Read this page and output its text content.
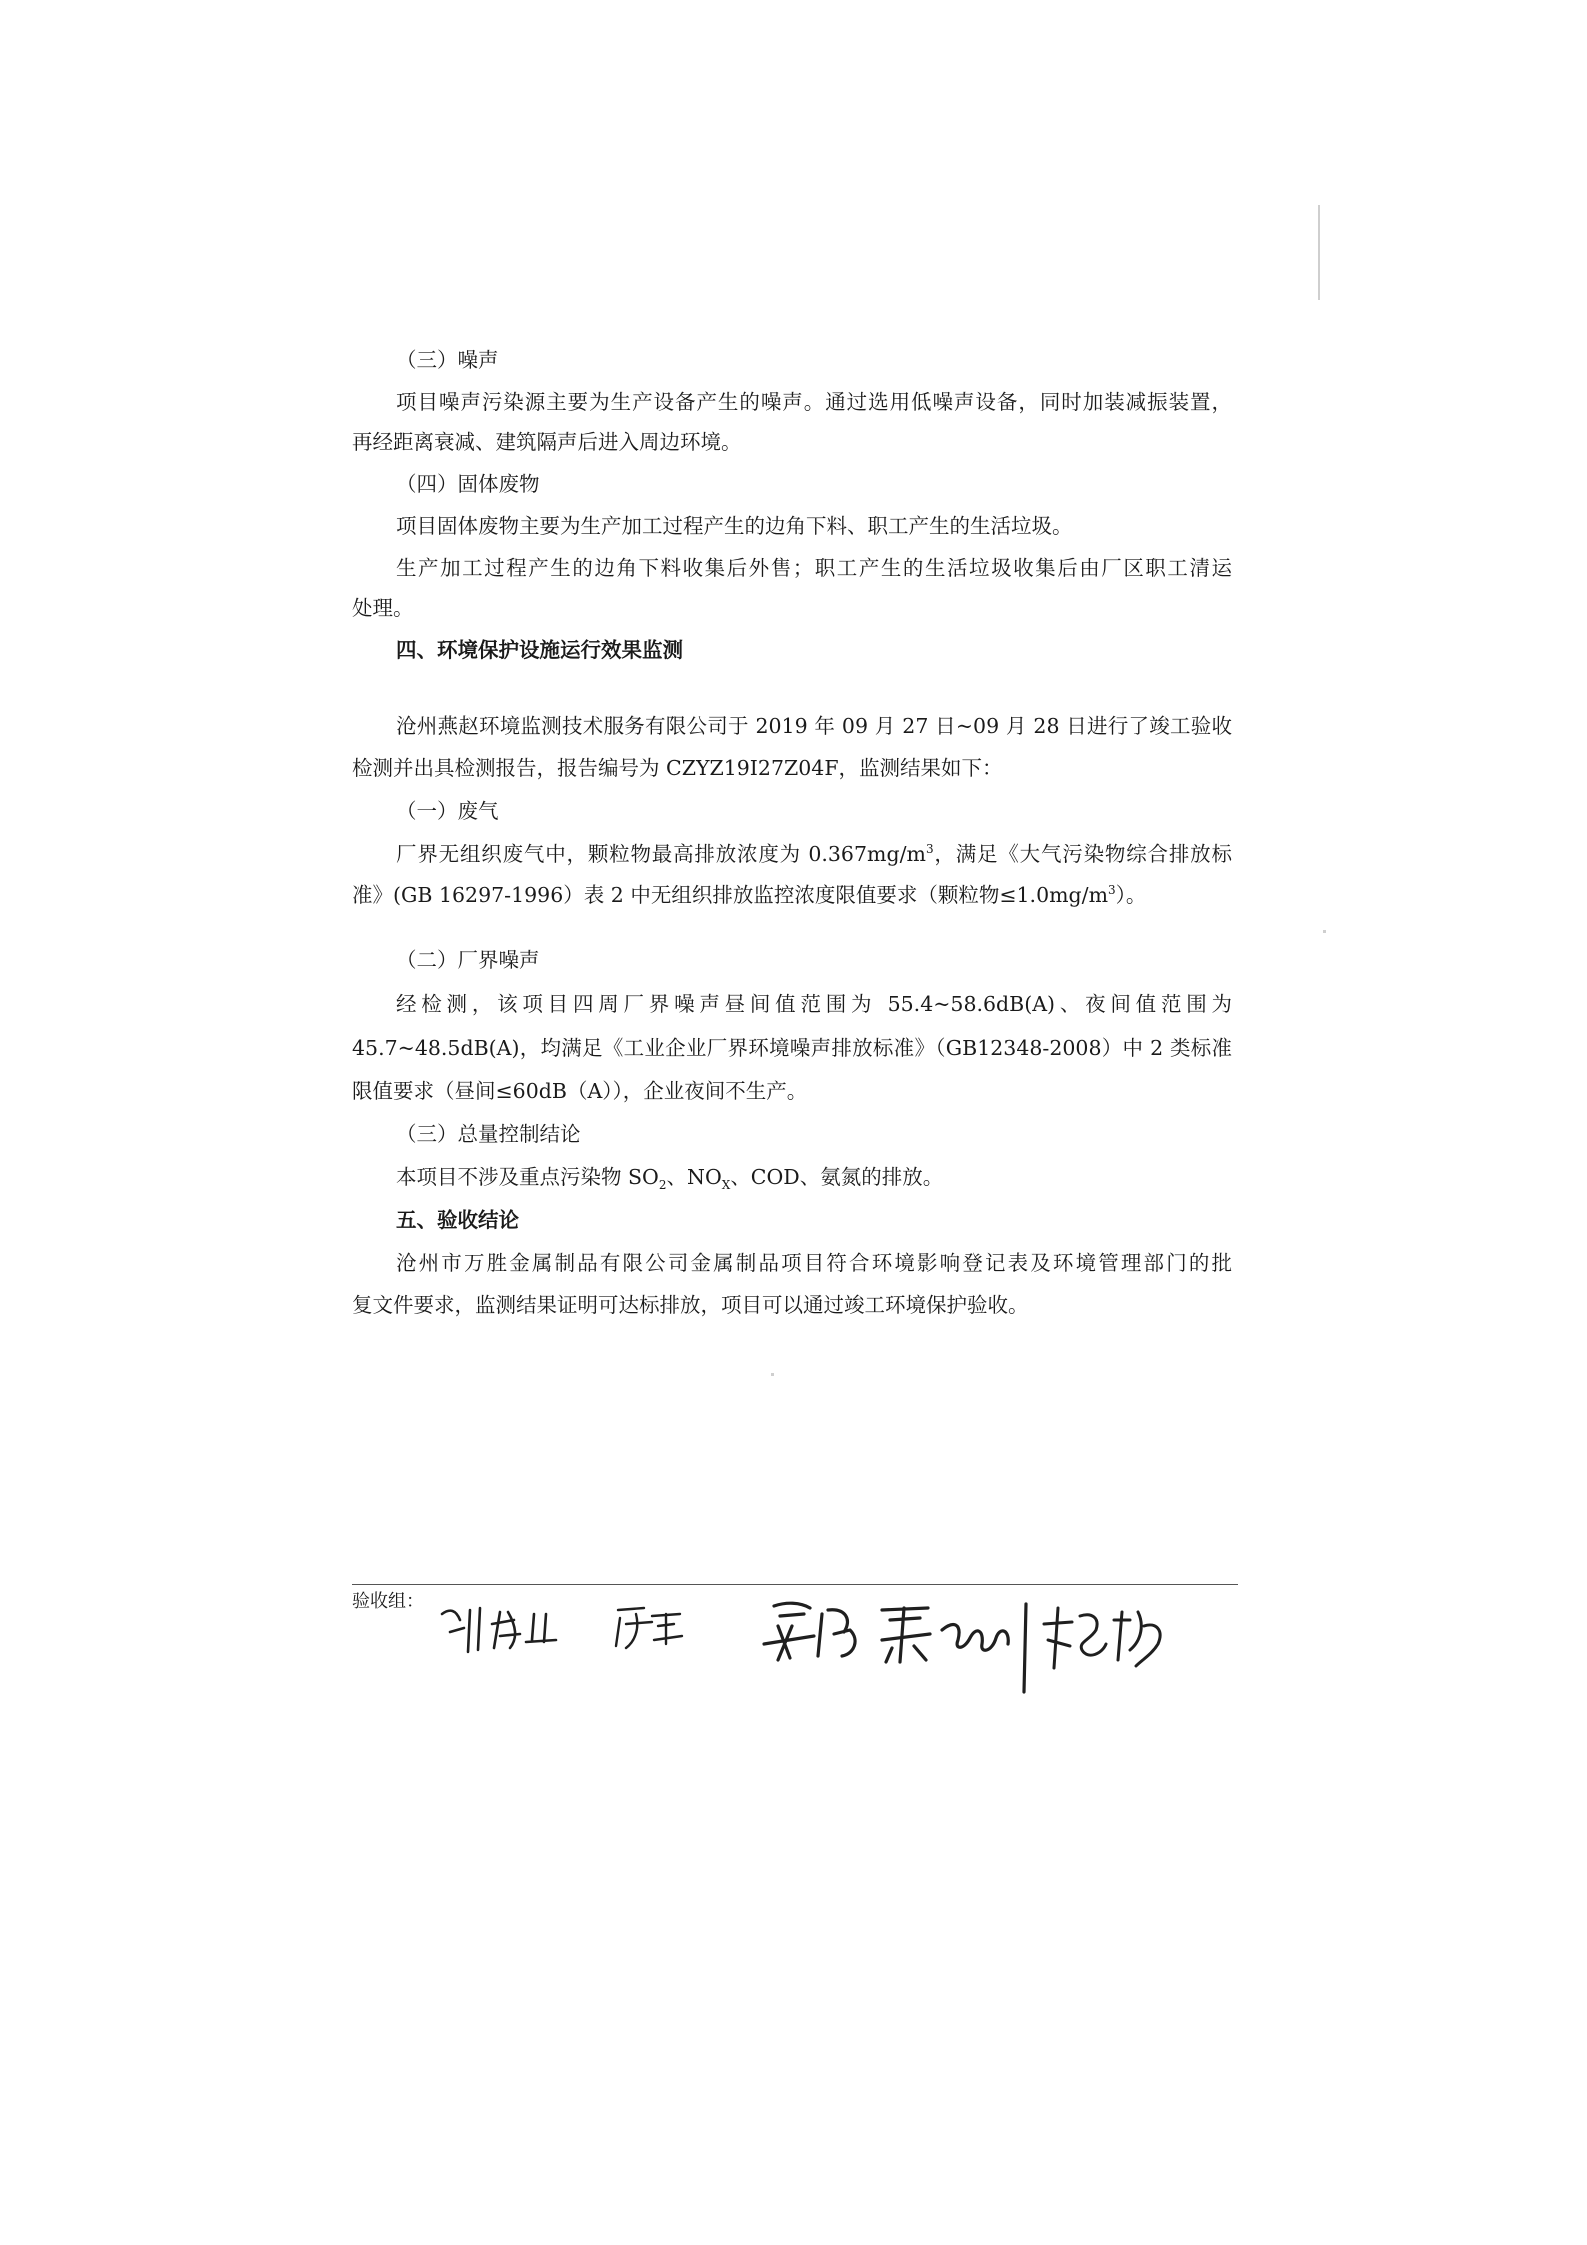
（三）噪声
项目噪声污染源主要为生产设备产生的噪声。通过选用低噪声设备，同时加装减振装置，
再经距离衰减、建筑隔声后进入周边环境。
（四）固体废物
项目固体废物主要为生产加工过程产生的边角下料、职工产生的生活垃圾。
生产加工过程产生的边角下料收集后外售；职工产生的生活垃圾收集后由厂区职工清运
处理。
四、环境保护设施运行效果监测
沧州燕赵环境监测技术服务有限公司于 2019 年 09 月 27 日~09 月 28 日进行了竣工验收
检测并出具检测报告，报告编号为 CZYZ19I27Z04F，监测结果如下：
（一）废气
厂界无组织废气中，颗粒物最高排放浓度为 $0.367mg/m^3$，满足《大气污染物综合排放标
准》(GB 16297-1996）表 2 中无组织排放监控浓度限值要求（颗粒物$\le 1.0mg/m^3$）。
（二）厂界噪声
经检测，该项目四周厂界噪声昼间值范围为 55.4~58.6dB(A)、夜间值范围为
45.7~48.5dB(A)，均满足《工业企业厂界环境噪声排放标准》（GB12348-2008）中 2 类标准
限值要求（昼间≤60dB（A）），企业夜间不生产。
（三）总量控制结论
本项目不涉及重点污染物 $SO_2$、$NO_X$、COD、氨氮的排放。
五、验收结论
沧州市万胜金属制品有限公司金属制品项目符合环境影响登记表及环境管理部门的批
复文件要求，监测结果证明可达标排放，项目可以通过竣工环境保护验收。
验收组：
